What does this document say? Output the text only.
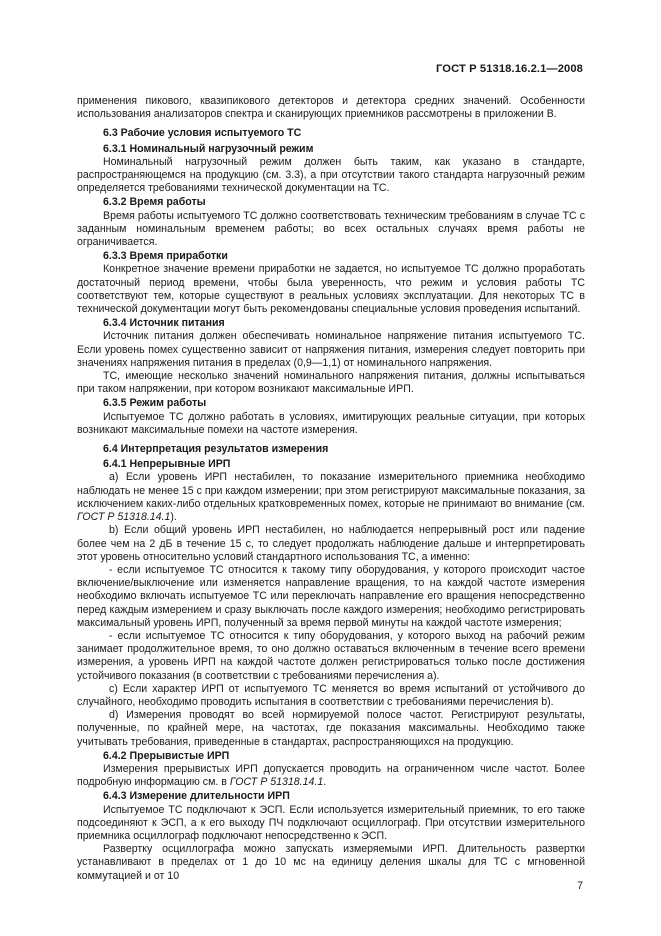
ГОСТ Р 51318.16.2.1—2008

применения пикового, квазипикового детекторов и детектора средних значений. Особенности использования анализаторов спектра и сканирующих приемников рассмотрены в приложении В.

6.3 Рабочие условия испытуемого ТС
6.3.1 Номинальный нагрузочный режим

Номинальный нагрузочный режим должен быть таким, как указано в стандарте, распространяющемся на продукцию (см. 3.3), а при отсутствии такого стандарта нагрузочный режим определяется требованиями технической документации на ТС.

6.3.2 Время работы

Время работы испытуемого ТС должно соответствовать техническим требованиям в случае ТС с заданным номинальным временем работы; во всех остальных случаях время работы не ограничивается.

6.3.3 Время приработки

Конкретное значение времени приработки не задается, но испытуемое ТС должно проработать достаточный период времени, чтобы была уверенность, что режим и условия работы ТС соответствуют тем, которые существуют в реальных условиях эксплуатации. Для некоторых ТС в технической документации могут быть рекомендованы специальные условия проведения испытаний.

6.3.4 Источник питания

Источник питания должен обеспечивать номинальное напряжение питания испытуемого ТС. Если уровень помех существенно зависит от напряжения питания, измерения следует повторить при значениях напряжения питания в пределах (0,9—1,1) от номинального напряжения.

ТС, имеющие несколько значений номинального напряжения питания, должны испытываться при таком напряжении, при котором возникают максимальные ИРП.

6.3.5 Режим работы

Испытуемое ТС должно работать в условиях, имитирующих реальные ситуации, при которых возникают максимальные помехи на частоте измерения.

6.4 Интерпретация результатов измерения
6.4.1 Непрерывные ИРП

a) Если уровень ИРП нестабилен, то показание измерительного приемника необходимо наблюдать не менее 15 с при каждом измерении; при этом регистрируют максимальные показания, за исключением каких-либо отдельных кратковременных помех, которые не принимают во внимание (см. ГОСТ Р 51318.14.1).

b) Если общий уровень ИРП нестабилен, но наблюдается непрерывный рост или падение более чем на 2 дБ в течение 15 с, то следует продолжать наблюдение дальше и интерпретировать этот уровень относительно условий стандартного использования ТС, а именно:

- если испытуемое ТС относится к такому типу оборудования, у которого происходит частое включение/выключение или изменяется направление вращения, то на каждой частоте измерения необходимо включать испытуемое ТС или переключать направление его вращения непосредственно перед каждым измерением и сразу выключать после каждого измерения; необходимо регистрировать максимальный уровень ИРП, полученный за время первой минуты на каждой частоте измерения;

- если испытуемое ТС относится к типу оборудования, у которого выход на рабочий режим занимает продолжительное время, то оно должно оставаться включенным в течение всего времени измерения, а уровень ИРП на каждой частоте должен регистрироваться только после достижения устойчивого показания (в соответствии с требованиями перечисления а).

c) Если характер ИРП от испытуемого ТС меняется во время испытаний от устойчивого до случайного, необходимо проводить испытания в соответствии с требованиями перечисления b).

d) Измерения проводят во всей нормируемой полосе частот. Регистрируют результаты, полученные, по крайней мере, на частотах, где показания максимальны. Необходимо также учитывать требования, приведенные в стандартах, распространяющихся на продукцию.

6.4.2 Прерывистые ИРП

Измерения прерывистых ИРП допускается проводить на ограниченном числе частот. Более подробную информацию см. в ГОСТ Р 51318.14.1.

6.4.3 Измерение длительности ИРП

Испытуемое ТС подключают к ЭСП. Если используется измерительный приемник, то его также подсоединяют к ЭСП, а к его выходу ПЧ подключают осциллограф. При отсутствии измерительного приемника осциллограф подключают непосредственно к ЭСП.

Развертку осциллографа можно запускать измеряемыми ИРП. Длительность развертки устанавливают в пределах от 1 до 10 мс на единицу деления шкалы для ТС с мгновенной коммутацией и от 10

7
